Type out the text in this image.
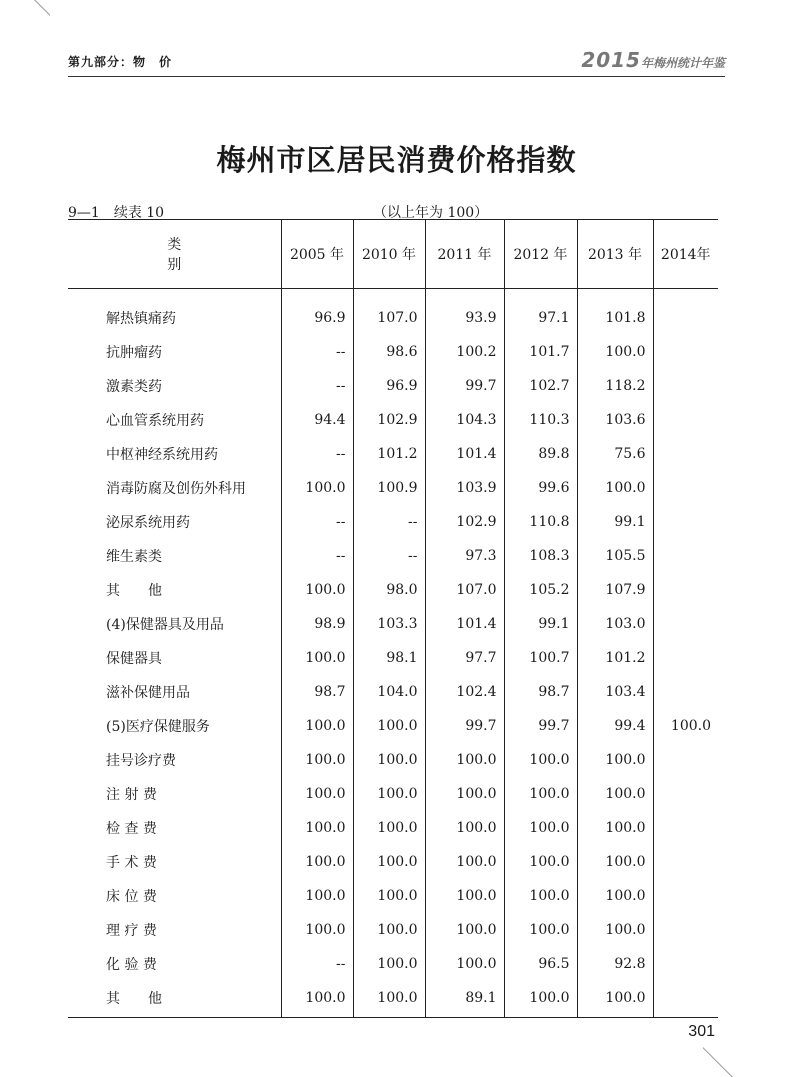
第九部分：物　价	2015年梅州统计年鉴
梅州市区居民消费价格指数
9—1　续表 10	（以上年为 100）
类　　别	2005 年	2010 年	2011 年	2012 年	2013 年	2014年
解热镇痛药	96.9	107.0	93.9	97.1	101.8	
抗肿瘤药	--	98.6	100.2	101.7	100.0	
激素类药	--	96.9	99.7	102.7	118.2	
心血管系统用药	94.4	102.9	104.3	110.3	103.6	
中枢神经系统用药	--	101.2	101.4	89.8	75.6	
消毒防腐及创伤外科用	100.0	100.9	103.9	99.6	100.0	
泌尿系统用药	--	--	102.9	110.8	99.1	
维生素类	--	--	97.3	108.3	105.5	
其　　他	100.0	98.0	107.0	105.2	107.9	
(4)保健器具及用品	98.9	103.3	101.4	99.1	103.0	
保健器具	100.0	98.1	97.7	100.7	101.2	
滋补保健用品	98.7	104.0	102.4	98.7	103.4	
(5)医疗保健服务	100.0	100.0	99.7	99.7	99.4	100.0
挂号诊疗费	100.0	100.0	100.0	100.0	100.0	
注 射 费	100.0	100.0	100.0	100.0	100.0	
检 查 费	100.0	100.0	100.0	100.0	100.0	
手 术 费	100.0	100.0	100.0	100.0	100.0	
床 位 费	100.0	100.0	100.0	100.0	100.0	
理 疗 费	100.0	100.0	100.0	100.0	100.0	
化 验 费	--	100.0	100.0	96.5	92.8	
其　　他	100.0	100.0	89.1	100.0	100.0	
301
